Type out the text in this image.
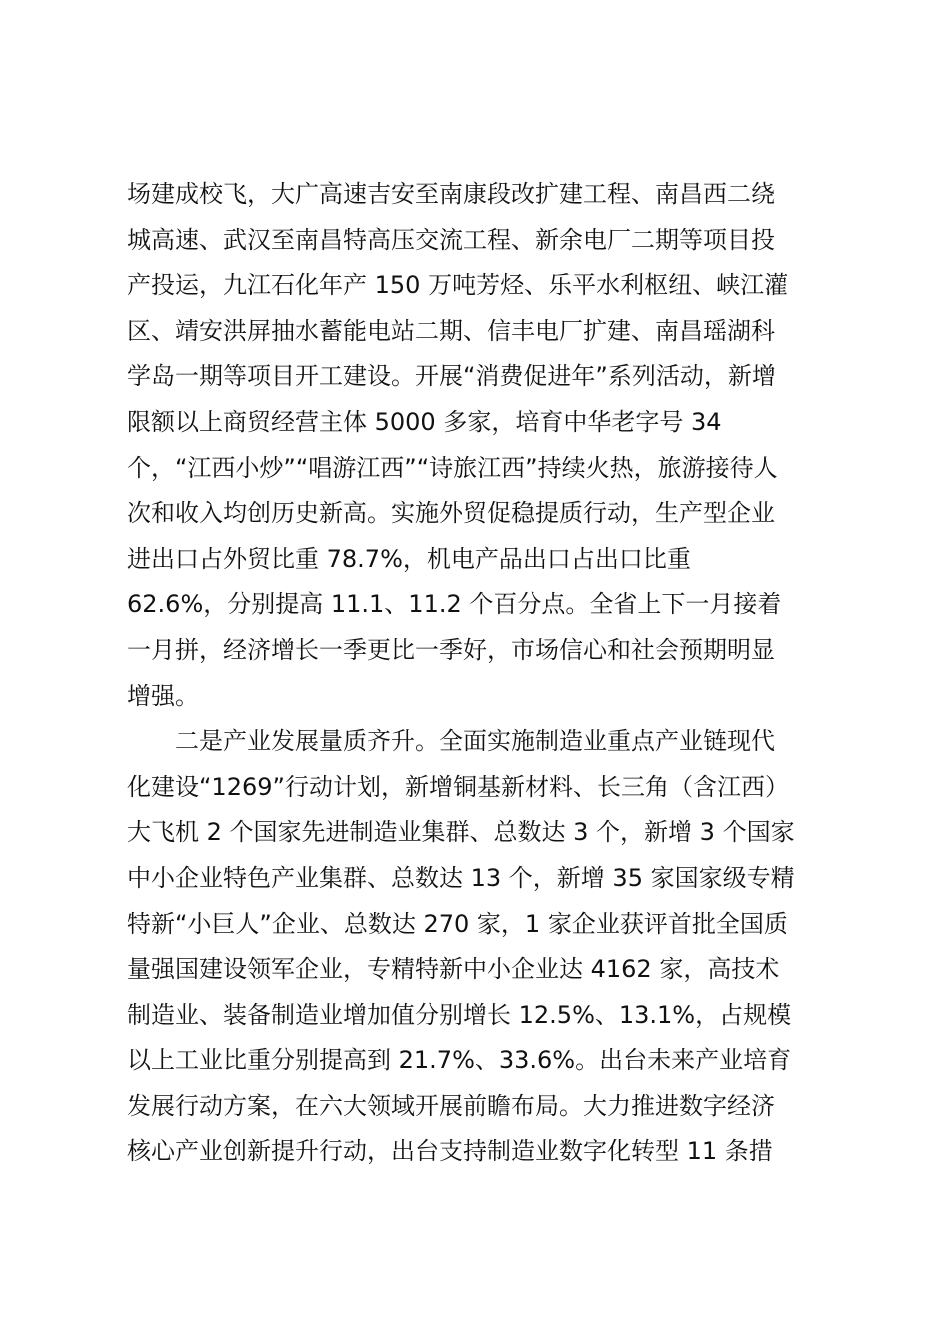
场建成校飞，大广高速吉安至南康段改扩建工程、南昌西二绕
城高速、武汉至南昌特高压交流工程、新余电厂二期等项目投
产投运，九江石化年产 150 万吨芳烃、乐平水利枢纽、峡江灌
区、靖安洪屏抽水蓄能电站二期、信丰电厂扩建、南昌瑶湖科
学岛一期等项目开工建设。开展“消费促进年”系列活动，新增
限额以上商贸经营主体 5000 多家，培育中华老字号 34
个，“江西小炒”“唱游江西”“诗旅江西”持续火热，旅游接待人
次和收入均创历史新高。实施外贸促稳提质行动，生产型企业
进出口占外贸比重 78.7%，机电产品出口占出口比重
62.6%，分别提高 11.1、11.2 个百分点。全省上下一月接着
一月拼，经济增长一季更比一季好，市场信心和社会预期明显
增强。
二是产业发展量质齐升。全面实施制造业重点产业链现代
化建设“1269”行动计划，新增铜基新材料、长三角（含江西）
大飞机 2 个国家先进制造业集群、总数达 3 个，新增 3 个国家
中小企业特色产业集群、总数达 13 个，新增 35 家国家级专精
特新“小巨人”企业、总数达 270 家，1 家企业获评首批全国质
量强国建设领军企业，专精特新中小企业达 4162 家，高技术
制造业、装备制造业增加值分别增长 12.5%、13.1%，占规模
以上工业比重分别提高到 21.7%、33.6%。出台未来产业培育
发展行动方案，在六大领域开展前瞻布局。大力推进数字经济
核心产业创新提升行动，出台支持制造业数字化转型 11 条措
